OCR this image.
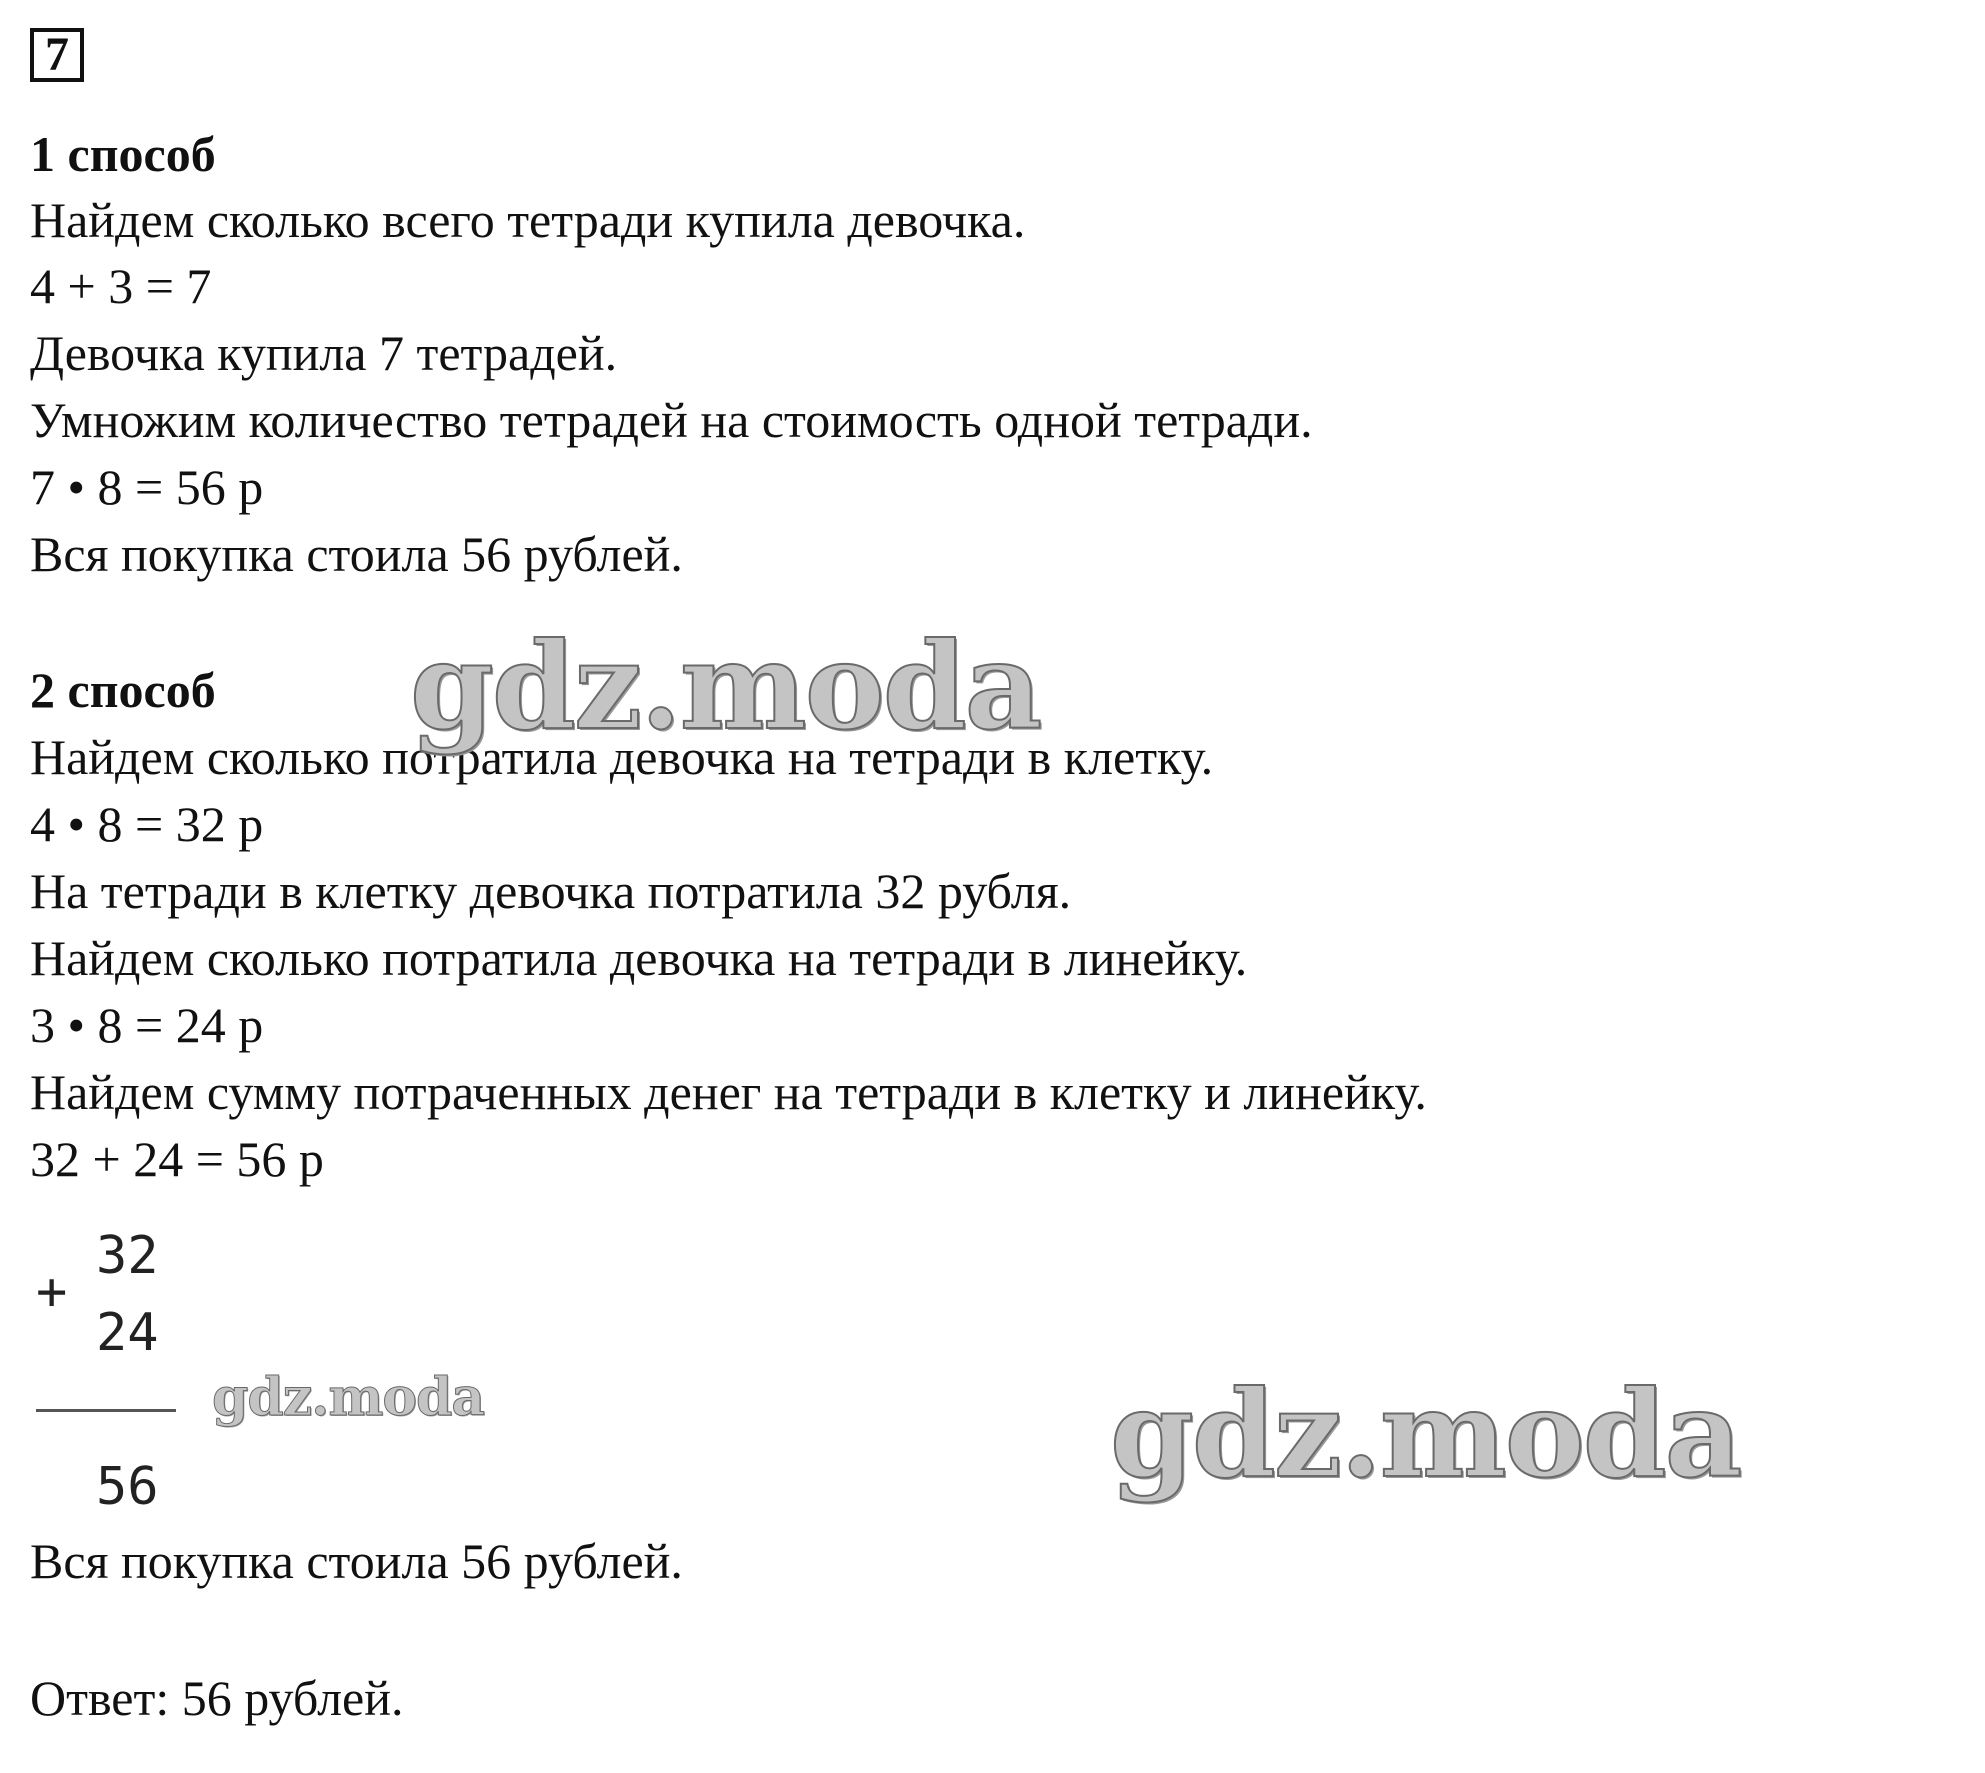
7
1 способ
Найдем сколько всего тетради купила девочка.
4 + 3 = 7
Девочка купила 7 тетрадей.
Умножим количество тетрадей на стоимость одной тетради.
7 • 8 = 56 р
Вся покупка стоила 56 рублей.
2 способ
Найдем сколько потратила девочка на тетради в клетку.
4 • 8 = 32 р
На тетради в клетку девочка потратила 32 рубля.
Найдем сколько потратила девочка на тетради в линейку.
3 • 8 = 24 р
Найдем сумму потраченных денег на тетради в клетку и линейку.
32 + 24 = 56 р
+
32
24
56
Вся покупка стоила 56 рублей.
Ответ: 56 рублей.
gdz.moda
gdz.moda	gdz.moda
